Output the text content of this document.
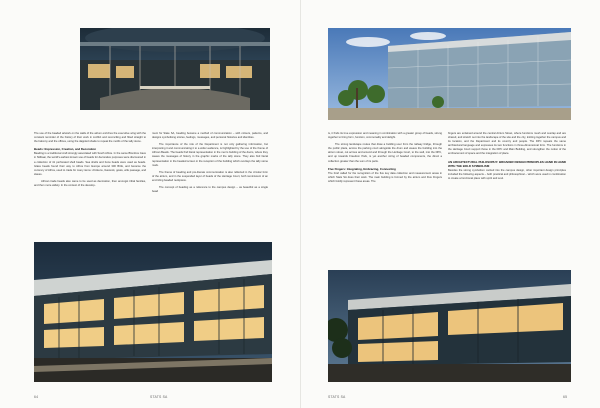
The use of the beaded artwork on the walls of the atrium enriches the executive wing with the constant reminder of the history of their work in conflict and reconciling and fitted straight to the balcony and the offices, using the dappled shade to repeat the motifs of the tally stone.

Beads: Expression, Creation, and Decoration

Beading is a traditional craft strongly associated with South Africa. In the same Blombos Cave in Stilbaai, the world's earliest known use of beads for decorative purposes were discovered in a collection of 41 perforated shell beads. Sea shells and bone beads were used as beads. Glass beads found their way to Africa from Europe around 300 BCE, and became the currency of Africa, used to trade for many items: chickens, livestock, goats, wife passage, and slaves.

African trade beads also came to be used as decoration, then amongst tribal families, and then more widely. In the context of the develop-

ment for State SA, beading became a method of communication – with colours, patterns, and designs symbolising stories, feelings, messages, and personal histories and identities.

The importance of the role of the Department is not only gathering information, but interpreting it and communicating it to a wider audience, is highlighted by the use of the theme of African Beads. The beads find literal representation in the men's building of the doors, where they weave the messages of history in the graphic marks of the tally stone. They also find literal representation in the beaded screen in the reception of the building which overlays the tally stone mark.

The theme of beading and pre-literate communication is also reflected in the circular form of the atrium, and in the suspended layer of beads of the Heritage Court, both reminiscent of an encircling beaded neckpiece.

The concept of beading as a reference to the campus design – as beautiful as a single bead

64	STATS SA

is, it finds its true expression and meaning in combination with a greater group of beads, strung together to bring form, function, commonality and delight.

The strong landscape routes that draw a building user from the railway bridge, through the public plaza, across the parking court alongside the drum and weave the building into the atrium street, cut across and around and through the Heritage Court, to the well, into the DPC, and up towards Freedom Park, is yet another string of beaded components, the direct a collection greater than the sum of its parts.

Five Fingers: Integrating, Embracing, Connecting

The brief called for the recognition of the five key data collection and measurement areas in which Stats SA does their work. The main building is formed by the atrium and Five Fingers which boldly represent these areas. The

fingers are entwined around the central Atrium Street, where functions mesh and overlap and are shared, and stretch out into the landscape of the site and the city, knitting together the campus and its location, and the Department and its country and people. The DPC repeats the same architectural language and expresses its two functions in three-dimensional form. The functions in the Heritage Court support those in the DPC and Main Building, and strengthen the notion of the embracement of space and the integration of place.

AN ARCHITECTURAL PHILOSOPHY: BROADER DESIGN PRINCIPLES HAND IN HAND WITH THE BOLD SYMBOLISM

Besides the strong symbolism carried into the campus design, other important design principles included the following aspects – both practical and philosophical – which were used in combination to create a functional place with spirit and soul.

STATS SA	65
